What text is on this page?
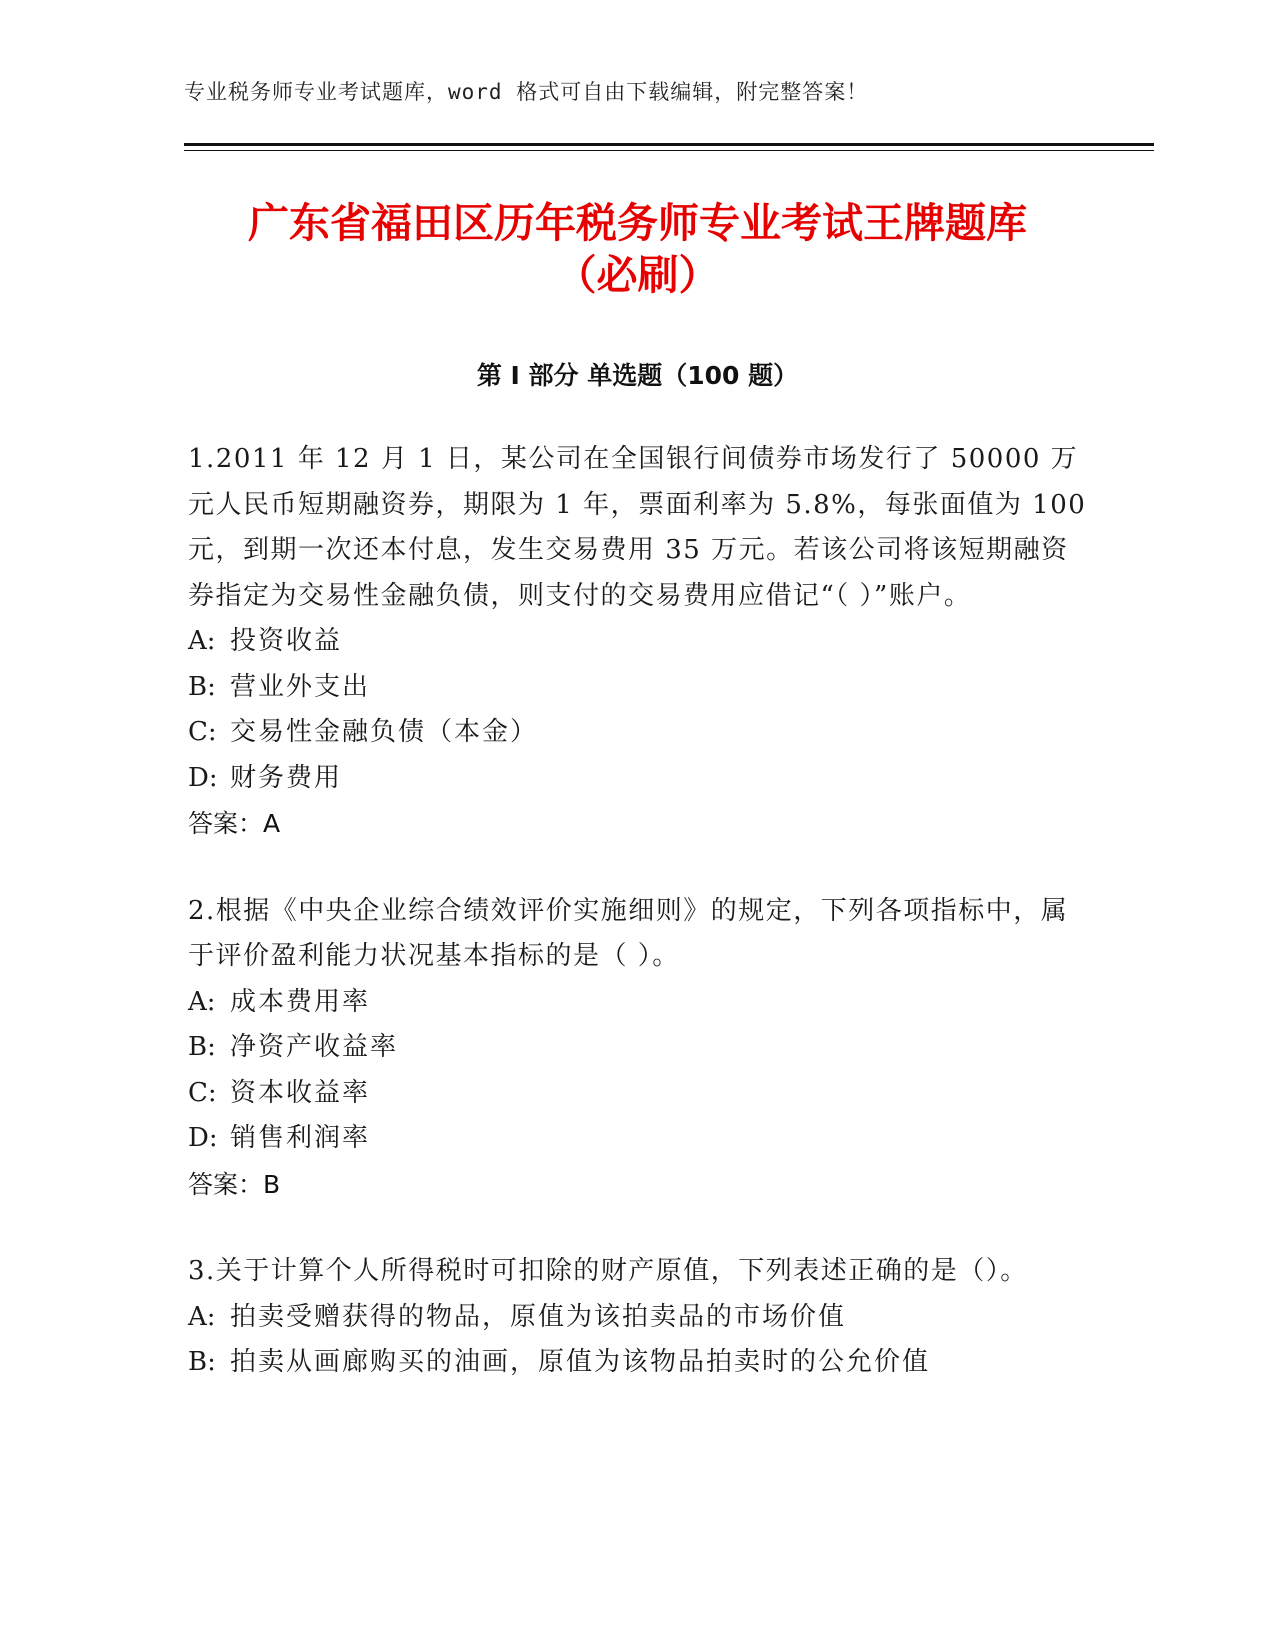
专业税务师专业考试题库，word 格式可自由下载编辑，附完整答案！
广东省福田区历年税务师专业考试王牌题库
（必刷）
第 I 部分 单选题（100 题）

1.2011 年 12 月 1 日，某公司在全国银行间债券市场发行了 50000 万元人民币短期融资券，期限为 1 年，票面利率为 5.8%，每张面值为 100 元，到期一次还本付息，发生交易费用 35 万元。若该公司将该短期融资券指定为交易性金融负债，则支付的交易费用应借记“（ ）”账户。

A: 投资收益

B: 营业外支出

C: 交易性金融负债（本金）

D: 财务费用

答案：A

2.根据《中央企业综合绩效评价实施细则》的规定，下列各项指标中，属于评价盈利能力状况基本指标的是（ ）。

A: 成本费用率

B: 净资产收益率

C: 资本收益率

D: 销售利润率

答案：B

3.关于计算个人所得税时可扣除的财产原值，下列表述正确的是（）。

A: 拍卖受赠获得的物品，原值为该拍卖品的市场价值

B: 拍卖从画廊购买的油画，原值为该物品拍卖时的公允价值
